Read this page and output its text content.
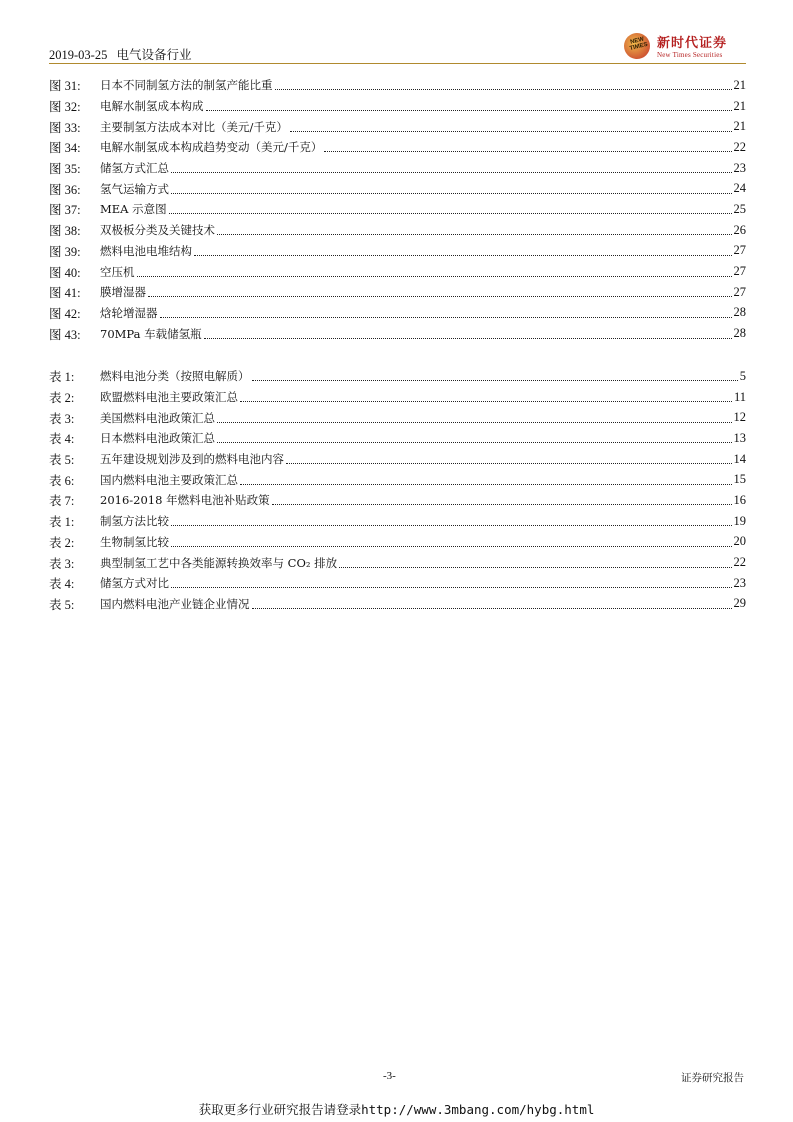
2019-03-25 电气设备行业
NEW TIMES 新时代证券
New Times Securities
图 31:	日本不同制氢方法的制氢产能比重	21
图 32:	电解水制氢成本构成	21
图 33:	主要制氢方法成本对比（美元/千克）	21
图 34:	电解水制氢成本构成趋势变动（美元/千克）	22
图 35:	储氢方式汇总	23
图 36:	氢气运输方式	24
图 37:	MEA 示意图	25
图 38:	双极板分类及关键技术	26
图 39:	燃料电池电堆结构	27
图 40:	空压机	27
图 41:	膜增湿器	27
图 42:	焓轮增湿器	28
图 43:	70MPa 车载储氢瓶	28
表 1:	燃料电池分类（按照电解质）	5
表 2:	欧盟燃料电池主要政策汇总	11
表 3:	美国燃料电池政策汇总	12
表 4:	日本燃料电池政策汇总	13
表 5:	五年建设规划涉及到的燃料电池内容	14
表 6:	国内燃料电池主要政策汇总	15
表 7:	2016-2018 年燃料电池补贴政策	16
表 1:	制氢方法比较	19
表 2:	生物制氢比较	20
表 3:	典型制氢工艺中各类能源转换效率与 CO₂ 排放	22
表 4:	储氢方式对比	23
表 5:	国内燃料电池产业链企业情况	29
-3-	证券研究报告
获取更多行业研究报告请登录http://www.3mbang.com/hybg.html
